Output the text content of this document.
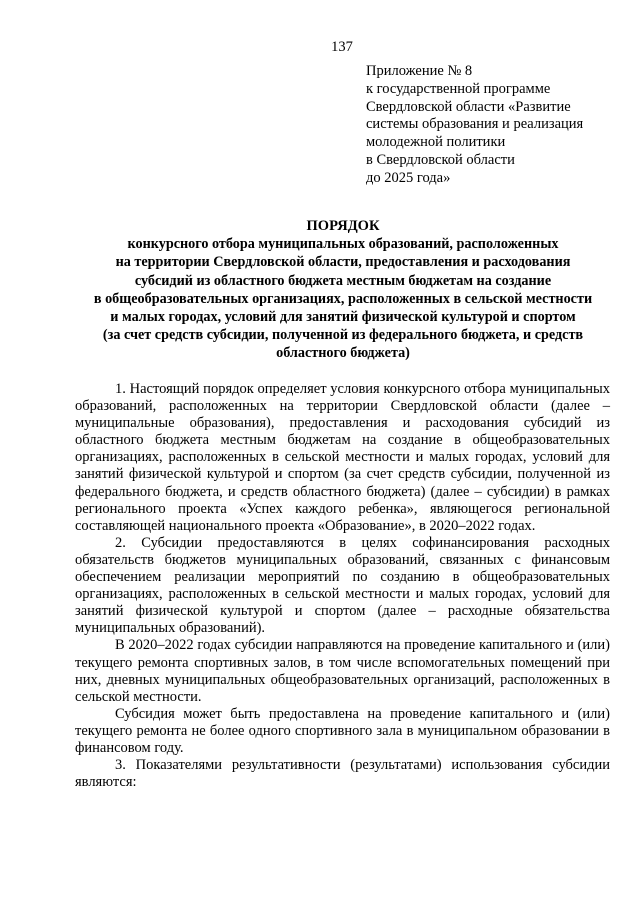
137
Приложение № 8
к государственной программе
Свердловской области «Развитие
системы образования и реализация
молодежной политики
в Свердловской области
до 2025 года»
ПОРЯДОК
конкурсного отбора муниципальных образований, расположенных
на территории Свердловской области, предоставления и расходования
субсидий из областного бюджета местным бюджетам на создание
в общеобразовательных организациях, расположенных в сельской местности
и малых городах, условий для занятий физической культурой и спортом
(за счет средств субсидии, полученной из федерального бюджета, и средств
областного бюджета)

1. Настоящий порядок определяет условия конкурсного отбора муниципальных образований, расположенных на территории Свердловской области (далее – муниципальные образования), предоставления и расходования субсидий из областного бюджета местным бюджетам на создание в общеобразовательных организациях, расположенных в сельской местности и малых городах, условий для занятий физической культурой и спортом (за счет средств субсидии, полученной из федерального бюджета, и средств областного бюджета) (далее – субсидии) в рамках регионального проекта «Успех каждого ребенка», являющегося региональной составляющей национального проекта «Образование», в 2020–2022 годах.

2. Субсидии предоставляются в целях софинансирования расходных обязательств бюджетов муниципальных образований, связанных с финансовым обеспечением реализации мероприятий по созданию в общеобразовательных организациях, расположенных в сельской местности и малых городах, условий для занятий физической культурой и спортом (далее – расходные обязательства муниципальных образований).

В 2020–2022 годах субсидии направляются на проведение капитального и (или) текущего ремонта спортивных залов, в том числе вспомогательных помещений при них, дневных муниципальных общеобразовательных организаций, расположенных в сельской местности.

Субсидия может быть предоставлена на проведение капитального и (или) текущего ремонта не более одного спортивного зала в муниципальном образовании в финансовом году.

3. Показателями результативности (результатами) использования субсидии являются:
